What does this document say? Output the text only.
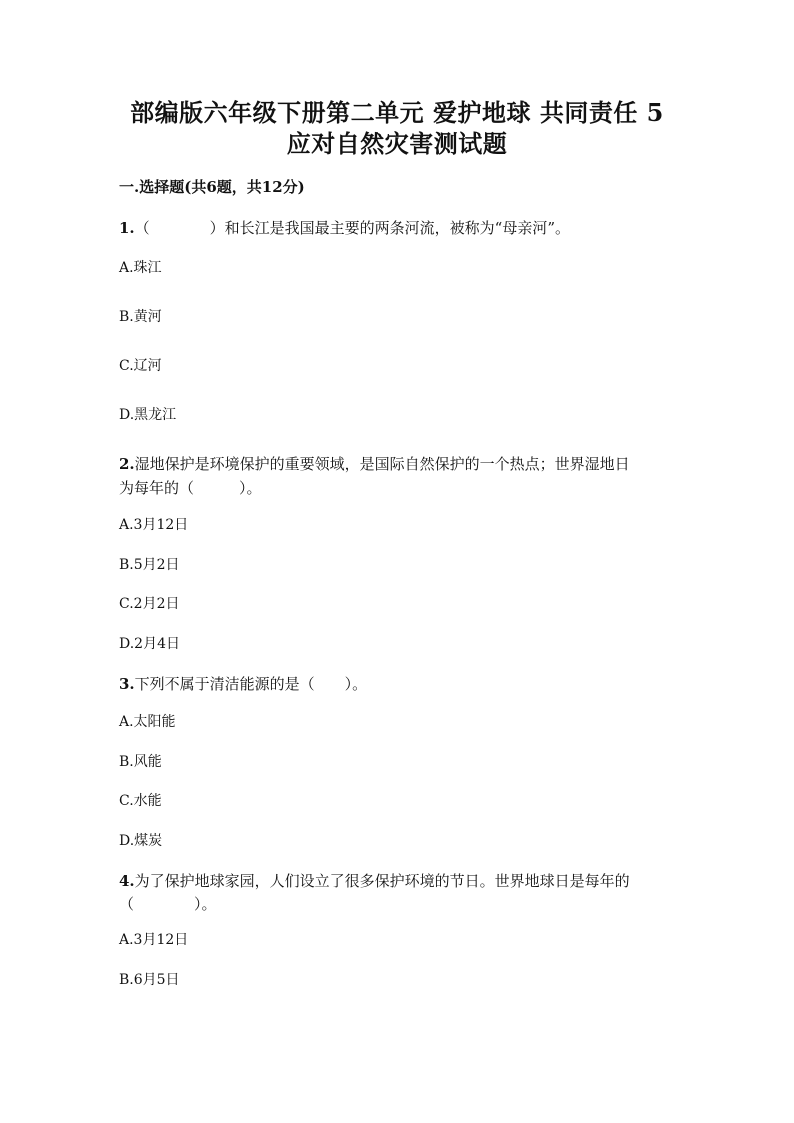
部编版六年级下册第二单元 爱护地球 共同责任 5
应对自然灾害测试题
一.选择题(共6题，共12分)
1.（　　　　）和长江是我国最主要的两条河流，被称为“母亲河”。
A.珠江
B.黄河
C.辽河
D.黑龙江
2.湿地保护是环境保护的重要领域，是国际自然保护的一个热点；世界湿地日
为每年的（　　　）。
A.3月12日
B.5月2日
C.2月2日
D.2月4日
3.下列不属于清洁能源的是（　　）。
A.太阳能
B.风能
C.水能
D.煤炭
4.为了保护地球家园，人们设立了很多保护环境的节日。世界地球日是每年的
（　　　　）。
A.3月12日
B.6月5日
